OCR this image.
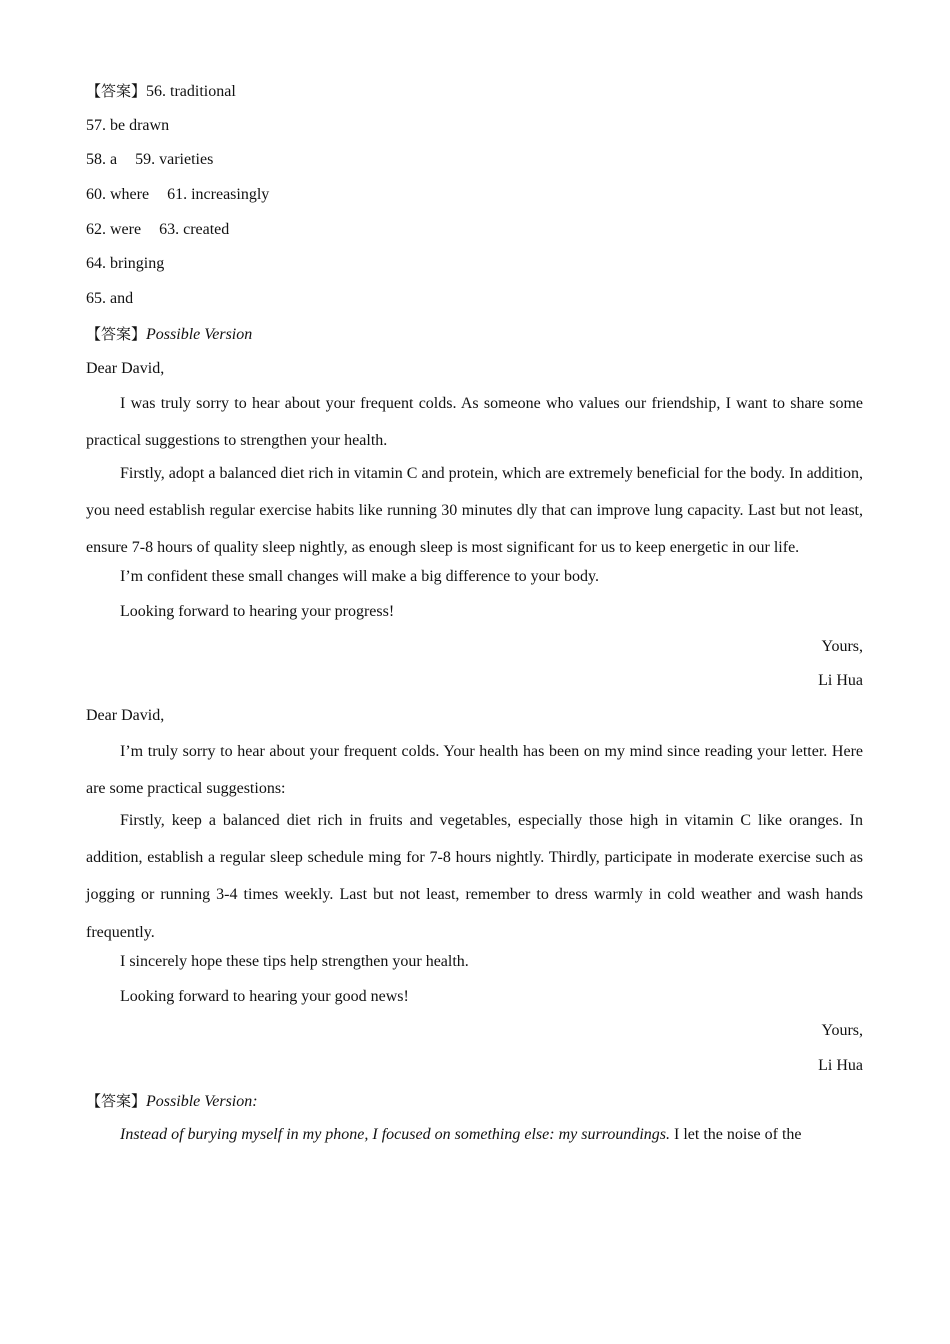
【答案】56. traditional
57. be drawn
58. a 59. varieties
60. where 61. increasingly
62. were 63. created
64. bringing
65. and
【答案】Possible Version
Dear David,
I was truly sorry to hear about your frequent colds. As someone who values our friendship, I want to share some practical suggestions to strengthen your health.
Firstly, adopt a balanced diet rich in vitamin C and protein, which are extremely beneficial for the body. In addition, you need establish regular exercise habits like running 30 minutes dly that can improve lung capacity. Last but not least, ensure 7-8 hours of quality sleep nightly, as enough sleep is most significant for us to keep energetic in our life.
I’m confident these small changes will make a big difference to your body.
Looking forward to hearing your progress!
Yours,
Li Hua
Dear David,
I’m truly sorry to hear about your frequent colds. Your health has been on my mind since reading your letter. Here are some practical suggestions:
Firstly, keep a balanced diet rich in fruits and vegetables, especially those high in vitamin C like oranges. In addition, establish a regular sleep schedule ming for 7-8 hours nightly. Thirdly, participate in moderate exercise such as jogging or running 3-4 times weekly. Last but not least, remember to dress warmly in cold weather and wash hands frequently.
I sincerely hope these tips help strengthen your health.
Looking forward to hearing your good news!
Yours,
Li Hua
【答案】Possible Version:
Instead of burying myself in my phone, I focused on something else: my surroundings. I let the noise of the
